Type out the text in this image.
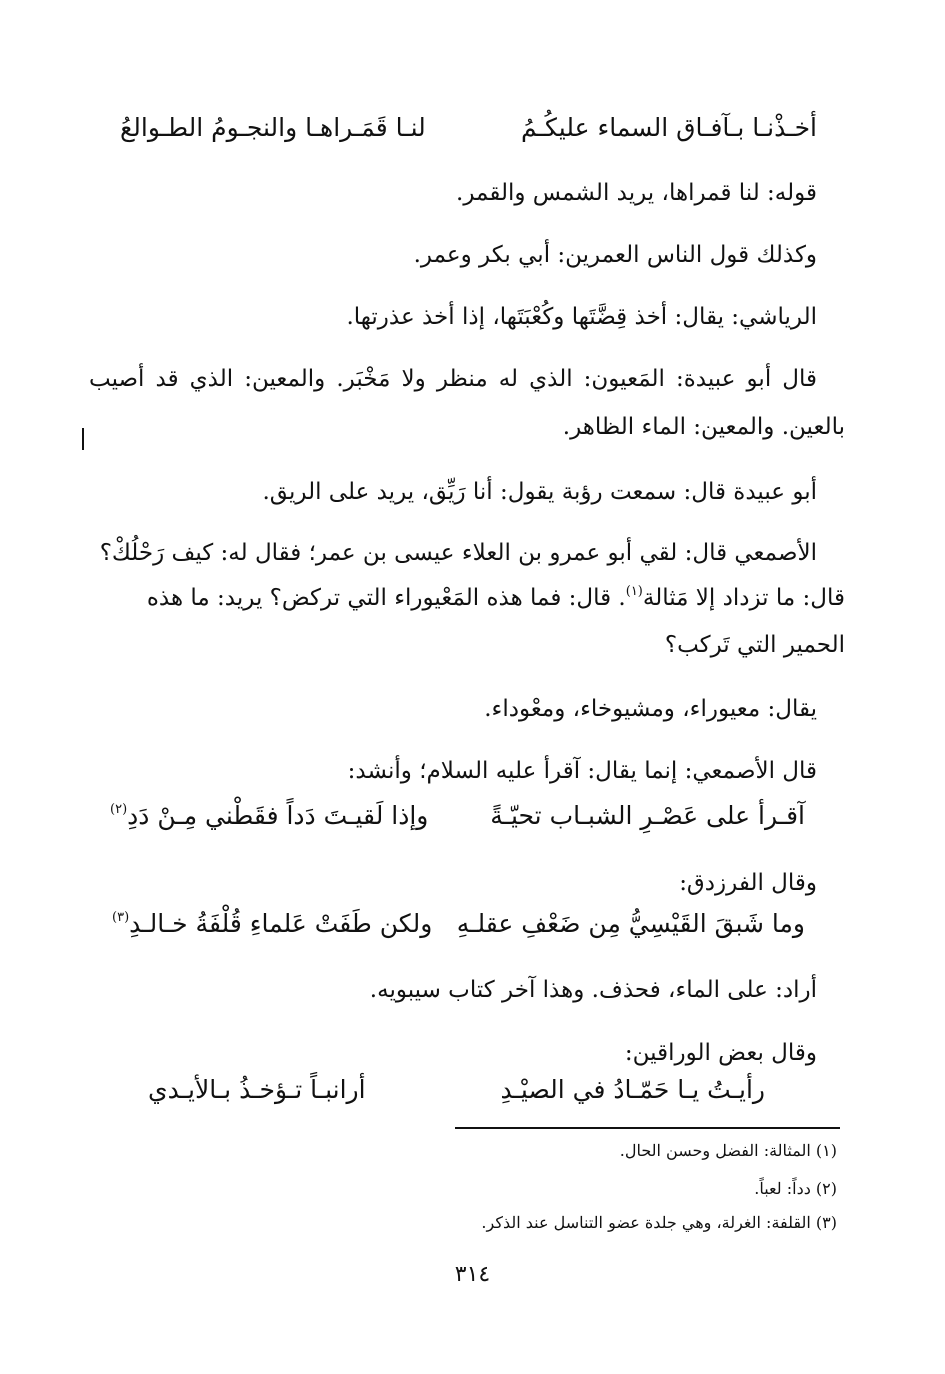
أخـذْنـا بـآفـاق السماء عليكُـمُ
لنـا قَمَـراهـا والنجـومُ الطـوالعُ
قوله: لنا قمراها، يريد الشمس والقمر.
وكذلك قول الناس العمرين: أبي بكر وعمر.
الرياشي: يقال: أخذ قِضَّتَها وكُعْبَتَها، إذا أخذ عذرتها.
قال أبو عبيدة: المَعيون: الذي له منظر ولا مَخْبَر. والمعين: الذي قد أصيب
بالعين. والمعين: الماء الظاهر.
أبو عبيدة قال: سمعت رؤبة يقول: أنا رَيِّق، يريد على الريق.
الأصمعي قال: لقي أبو عمرو بن العلاء عيسى بن عمر؛ فقال له: كيف رَحْلُكْ؟
قال: ما تزداد إلا مَثالة$^{(١)}$. قال: فما هذه المَعْيوراء التي تركض؟ يريد: ما هذه
الحمير التي تَركب؟
يقال: معيوراء، ومشيوخاء، ومعْوداء.
قال الأصمعي: إنما يقال: آقرأ عليه السلام؛ وأنشد:
آقـرأ على عَصْـرِ الشبـاب تحيّـةً
وإذا لَقيـتَ دَداً فقَطْني مِـنْ دَدِ$^{(٢)}$
وقال الفرزدق:
وما شَبقَ القَيْسِيُّ مِن ضَعْفِ عقلـهِ
ولكن طَفَتْ عَلماءِ قُلْفَةُ خـالـدِ$^{(٣)}$
أراد: على الماء، فحذف. وهذا آخر كتاب سيبويه.
وقال بعض الوراقين:
رأيـتُ يـا حَمّـادُ في الصيْـدِ
أرانبـاً تـؤخـذُ بـالأيـدي
(١) المثالة: الفضل وحسن الحال.
(٢) دداً: لعباً.
(٣) القلفة: الغرلة، وهي جلدة عضو التناسل عند الذكر.
٣١٤
